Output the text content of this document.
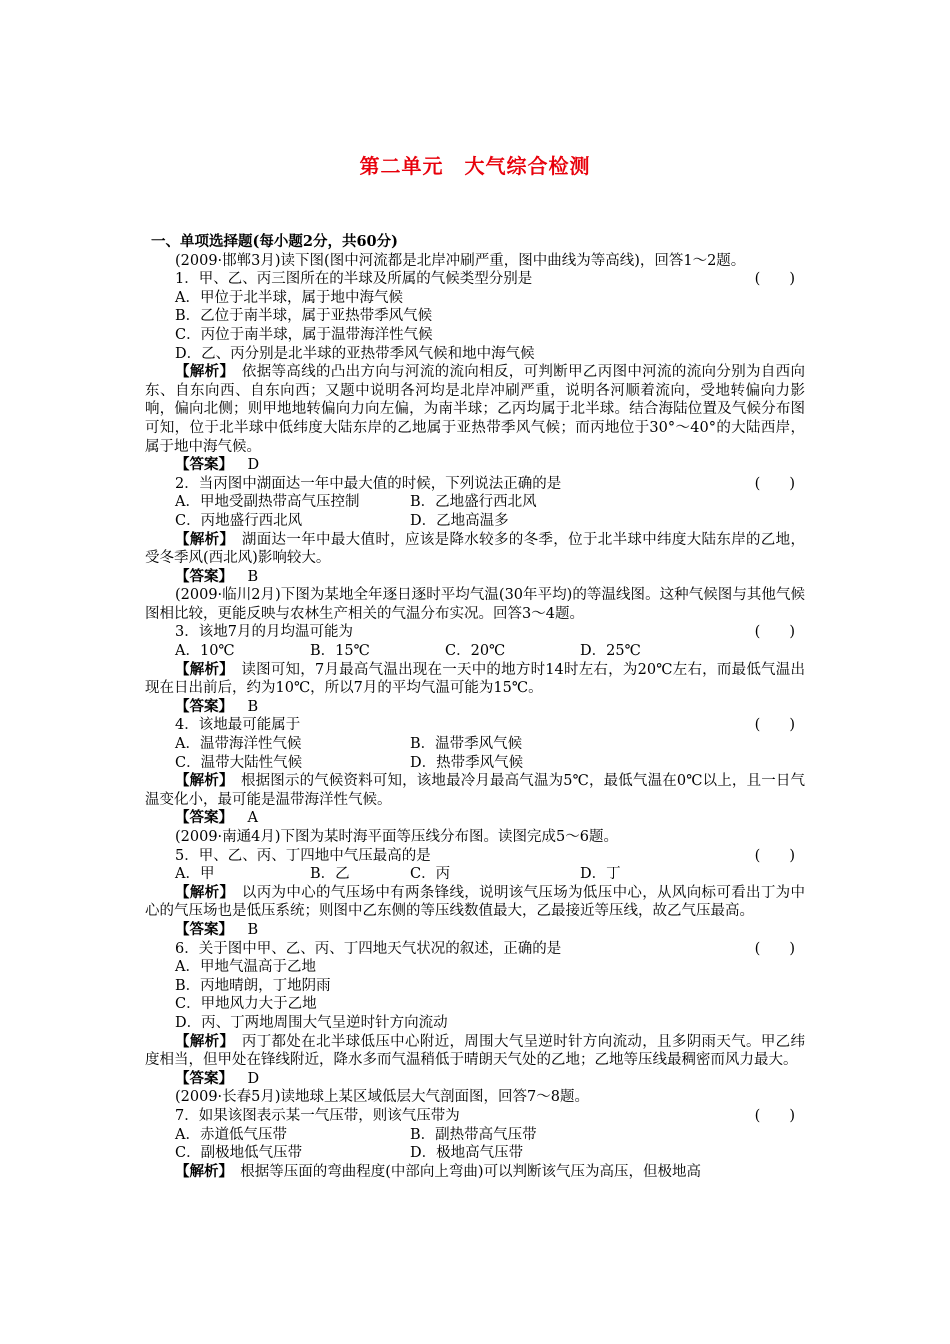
第二单元　大气综合检测
一、单项选择题(每小题2分，共60分)
(2009·邯郸3月)读下图(图中河流都是北岸冲刷严重，图中曲线为等高线)，回答1～2题。
1．甲、乙、丙三图所在的半球及所属的气候类型分别是	(　　)
A．甲位于北半球，属于地中海气候
B．乙位于南半球，属于亚热带季风气候
C．丙位于南半球，属于温带海洋性气候
D．乙、丙分别是北半球的亚热带季风气候和地中海气候
【解析】　 依据等高线的凸出方向与河流的流向相反，可判断甲乙丙图中河流的流向分别为自西向东、自东向西、自东向西；又题中说明各河均是北岸冲刷严重，说明各河顺着流向，受地转偏向力影响，偏向北侧；则甲地地转偏向力向左偏，为南半球；乙丙均属于北半球。结合海陆位置及气候分布图可知，位于北半球中低纬度大陆东岸的乙地属于亚热带季风气候；而丙地位于30°～40°的大陆西岸，属于地中海气候。
【答案】
　 D
2．当丙图中湖面达一年中最大值的时候，下列说法正确的是	(　　)
A．甲地受副热带高气压控制	B．乙地盛行西北风
C．丙地盛行西北风	D．乙地高温多
【解析】　 湖面达一年中最大值时，应该是降水较多的冬季，位于北半球中纬度大陆东岸的乙地，受冬季风(西北风)影响较大。
【答案】
　 B
(2009·临川2月)下图为某地全年逐日逐时平均气温(30年平均)的等温线图。这种气候图与其他气候图相比较，更能反映与农林生产相关的气温分布实况。回答3～4题。
3．该地7月的月均温可能为	(　　)
A．10℃	B．15℃	C．20℃	D．25℃
【解析】　 读图可知，7月最高气温出现在一天中的地方时14时左右，为20℃左右，而最低气温出现在日出前后，约为10℃，所以7月的平均气温可能为15℃。
【答案】
　 B
4．该地最可能属于	(　　)
A．温带海洋性气候	B．温带季风气候
C．温带大陆性气候	D．热带季风气候
【解析】　 根据图示的气候资料可知，该地最冷月最高气温为5℃，最低气温在0℃以上，且一日气温变化小，最可能是温带海洋性气候。
【答案】
　 A
(2009·南通4月)下图为某时海平面等压线分布图。读图完成5～6题。
5．甲、乙、丙、丁四地中气压最高的是	(　　)
A．甲	B．乙	C．丙	D．丁
【解析】　 以丙为中心的气压场中有两条锋线，说明该气压场为低压中心，从风向标可看出丁为中心的气压场也是低压系统；则图中乙东侧的等压线数值最大，乙最接近等压线，故乙气压最高。
【答案】
　 B
6．关于图中甲、乙、丙、丁四地天气状况的叙述，正确的是	(　　)
A．甲地气温高于乙地
B．丙地晴朗，丁地阴雨
C．甲地风力大于乙地
D．丙、丁两地周围大气呈逆时针方向流动
【解析】　 丙丁都处在北半球低压中心附近，周围大气呈逆时针方向流动，且多阴雨天气。甲乙纬度相当，但甲处在锋线附近，降水多而气温稍低于晴朗天气处的乙地；乙地等压线最稠密而风力最大。
【答案】
　 D
(2009·长春5月)读地球上某区域低层大气剖面图，回答7～8题。
7．如果该图表示某一气压带，则该气压带为	(　　)
A．赤道低气压带	B．副热带高气压带
C．副极地低气压带	D．极地高气压带
【解析】　 根据等压面的弯曲程度(中部向上弯曲)可以判断该气压为高压，但极地高
